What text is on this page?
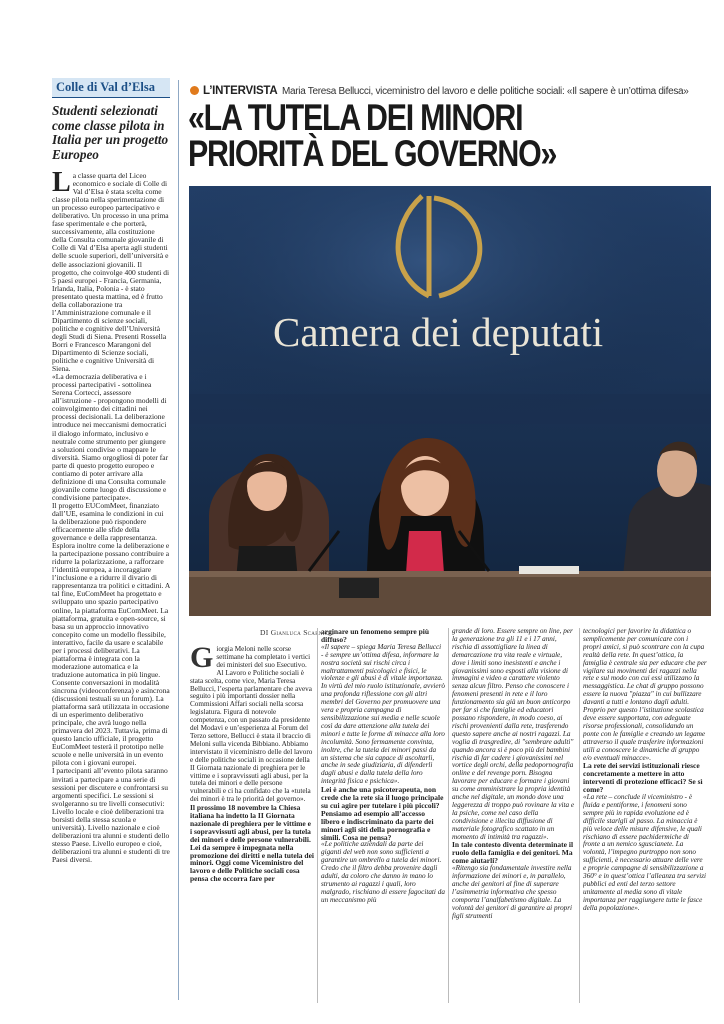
Colle di Val d’Elsa
Studenti selezionati come classe pilota in Italia per un progetto Europeo

La classe quarta del Liceo economico e sociale di Colle di Val d’Elsa è stata scelta come classe pilota nella sperimentazione di un processo europeo partecipativo e deliberativo. Un processo in una prima fase sperimentale e che porterà, successivamente, alla costituzione della Consulta comunale giovanile di Colle di Val d’Elsa aperta agli studenti delle scuole superiori, dell’università e delle associazioni giovanili. Il progetto, che coinvolge 400 studenti di 5 paesi europei - Francia, Germania, Irlanda, Italia, Polonia - è stato presentato questa mattina, ed è frutto della collaborazione tra l’Amministrazione comunale e il Dipartimento di scienze sociali, politiche e cognitive dell’Università degli Studi di Siena. Presenti Rossella Borri e Francesco Marangoni del Dipartimento di Scienze sociali, politiche e cognitive Università di Siena.

«La democrazia deliberativa e i processi partecipativi - sottolinea Serena Cortecci, assessore all’istruzione - propongono modelli di coinvolgimento dei cittadini nei processi decisionali. La deliberazione introduce nei meccanismi democratici il dialogo informato, inclusivo e neutrale come strumento per giungere a soluzioni condivise o mappare le diversità. Siamo orgogliosi di poter far parte di questo progetto europeo e contiamo di poter arrivare alla definizione di una Consulta comunale giovanile come luogo di discussione e condivisione partecipate».

Il progetto EUComMeet, finanziato dall’UE, esamina le condizioni in cui la deliberazione può rispondere efficacemente alle sfide della governance e della rappresentanza. Esplora inoltre come la deliberazione e la partecipazione possano contribuire a ridurre la polarizzazione, a rafforzare l’identità europea, a incoraggiare l’inclusione e a ridurre il divario di rappresentanza tra politici e cittadini. A tal fine, EuComMeet ha progettato e sviluppato uno spazio partecipativo online, la piattaforma EuComMeet. La piattaforma, gratuita e open-source, si basa su un approccio innovativo concepito come un modello flessibile, interattivo, facile da usare e scalabile per i processi deliberativi. La piattaforma è integrata con la moderazione automatica e la traduzione automatica in più lingue. Consente conversazioni in modalità sincrona (videoconferenza) e asincrona (discussioni testuali su un forum). La piattaforma sarà utilizzata in occasione di un esperimento deliberativo principale, che avrà luogo nella primavera del 2023. Tuttavia, prima di questo lancio ufficiale, il progetto EuComMeet testerà il prototipo nelle scuole e nelle università in un evento pilota con i giovani europei.

I partecipanti all’evento pilota saranno invitati a partecipare a una serie di sessioni per discutere e confrontarsi su argomenti specifici. Le sessioni si svolgeranno su tre livelli consecutivi: Livello locale e cioè deliberazioni tra borsisti della stessa scuola e università). Livello nazionale e cioè deliberazioni tra alunni e studenti dello stesso Paese. Livello europeo e cioè, deliberazioni tra alunni e studenti di tre Paesi diversi.

L’INTERVISTA Maria Teresa Bellucci, viceministro del lavoro e delle politiche sociali: «Il sapere è un’ottima difesa»
«LA TUTELA DEI MINORI
PRIORITÀ DEL GOVERNO»
Camera dei deputati
DI Gianluca Scarnicci

Giorgia Meloni nelle scorse settimane ha completato i vertici dei ministeri del suo Esecutivo. Al Lavoro e Politiche sociali è stata scelta, come vice, Maria Teresa Bellucci, l’esperta parlamentare che aveva seguito i più importanti dossier nella Commissioni Affari sociali nella scorsa legislatura. Figura di notevole competenza, con un passato da presidente del Modavi e un’esperienza al Forum del Terzo settore, Bellucci è stata il braccio di Meloni sulla vicenda Bibbiano. Abbiamo intervistato il viceministro delle del lavoro e delle politiche sociali in occasione della II Giornata nazionale di preghiera per le vittime e i sopravvissuti agli abusi, per la tutela dei minori e delle persone vulnerabili e ci ha confidato che la «tutela dei minori è tra le priorità del governo».

Il prossimo 18 novembre la Chiesa italiana ha indetto la II Giornata nazionale di preghiera per le vittime e i sopravvissuti agli abusi, per la tutela dei minori e delle persone vulnerabili. Lei da sempre è impegnata nella promozione dei diritti e nella tutela dei minori. Oggi come Viceministro del lavoro e delle Politiche sociali cosa pensa che occorra fare per

arginare un fenomeno sempre più diffuso?

«Il sapere – spiega Maria Teresa Bellucci - è sempre un’ottima difesa, informare la nostra società sui rischi circa i maltrattamenti psicologici e fisici, le violenze e gli abusi è di vitale importanza. In virtù del mio ruolo istituzionale, avvierò una profonda riflessione con gli altri membri del Governo per promuovere una vera e propria campagna di sensibilizzazione sui media e nelle scuole così da dare attenzione alla tutela dei minori e tutte le forme di minacce alla loro incolumità. Sono fermamente convinta, inoltre, che la tutela dei minori passi da un sistema che sia capace di ascoltarli, anche in sede giudiziaria, di difenderli dagli abusi e dalla tutela della loro integrità fisica e psichica».

Lei è anche una psicoterapeuta, non crede che la rete sia il luogo principale su cui agire per tutelare i più piccoli? Pensiamo ad esempio all’accesso libero e indiscriminato da parte dei minori agli siti della pornografia e simili. Cosa ne pensa?

«Le politiche aziendali da parte dei giganti del web non sono sufficienti a garantire un ombrello a tutela dei minori. Credo che il filtro debba provenire dagli adulti, da coloro che danno in mano lo strumento ai ragazzi i quali, loro malgrado, rischiano di essere fagocitati da un meccanismo più

grande di loro. Essere sempre on line, per la generazione tra gli 11 e i 17 anni, rischia di assottigliare la linea di demarcazione tra vita reale e virtuale, dove i limiti sono inesistenti e anche i giovanissimi sono esposti alla visione di immagini e video a carattere violento senza alcun filtro. Penso che conoscere i fenomeni presenti in rete e il loro funzionamento sia già un buon anticorpo per far sì che famiglie ed educatori possano rispondere, in modo coeso, ai rischi provenienti dalla rete, trasferendo questo sapere anche ai nostri ragazzi. La voglia di trasgredire, di "sembrare adulti" quando ancora si è poco più dei bambini rischia di far cadere i giovanissimi nel vortice degli orchi, della pedopornografia online e del revenge porn. Bisogna lavorare per educare e formare i giovani su come amministrare la propria identità anche nel digitale, un mondo dove una leggerezza di troppo può rovinare la vita e la psiche, come nel caso della condivisione e illecita diffusione di materiale fotografico scattato in un momento di intimità tra ragazzi».

In tale contesto diventa determinate il ruolo della famiglia e dei genitori. Ma come aiutarli?

«Ritengo sia fondamentale investire nella informazione dei minori e, in parallelo, anche dei genitori al fine di superare l’asimmetria informativa che spesso comporta l’analfabetismo digitale. La volontà dei genitori di garantire ai propri figli strumenti

tecnologici per favorire la didattica o semplicemente per comunicare con i propri amici, si può scontrare con la cupa realtà della rete. In quest’ottica, la famiglia è centrale sia per educare che per vigilare sui movimenti dei ragazzi nella rete e sul modo con cui essi utilizzano la messaggistica. Le chat di gruppo possono essere la nuova "piazza" in cui bullizzare davanti a tutti e lontano dagli adulti. Proprio per questo l’istituzione scolastica deve essere supportata, con adeguate risorse professionali, consolidando un ponte con le famiglie e creando un legame attraverso il quale trasferire informazioni utili a conoscere le dinamiche di gruppo e/o eventuali minacce».

La rete dei servizi istituzionali riesce concretamente a mettere in atto interventi di protezione efficaci? Se sì come?

«La rete – conclude il viceministro - è fluida e pentiforme, i fenomeni sono sempre più in rapida evoluzione ed è difficile starlgli al passo. La minaccia è più veloce delle misure difensive, le quali rischiano di essere pachidermiche di fronte a un nemico sguscianete. La volontà, l’impegno purtroppo non sono sufficienti, è necessario attuare delle vere e proprie campagne di sensibilizzazione a 360° e in quest’ottica l’alleanza tra servizi pubblici ed enti del terzo settore unitamente al media sono di vitale importanza per raggiungere tutte le fasce della popolazione».
